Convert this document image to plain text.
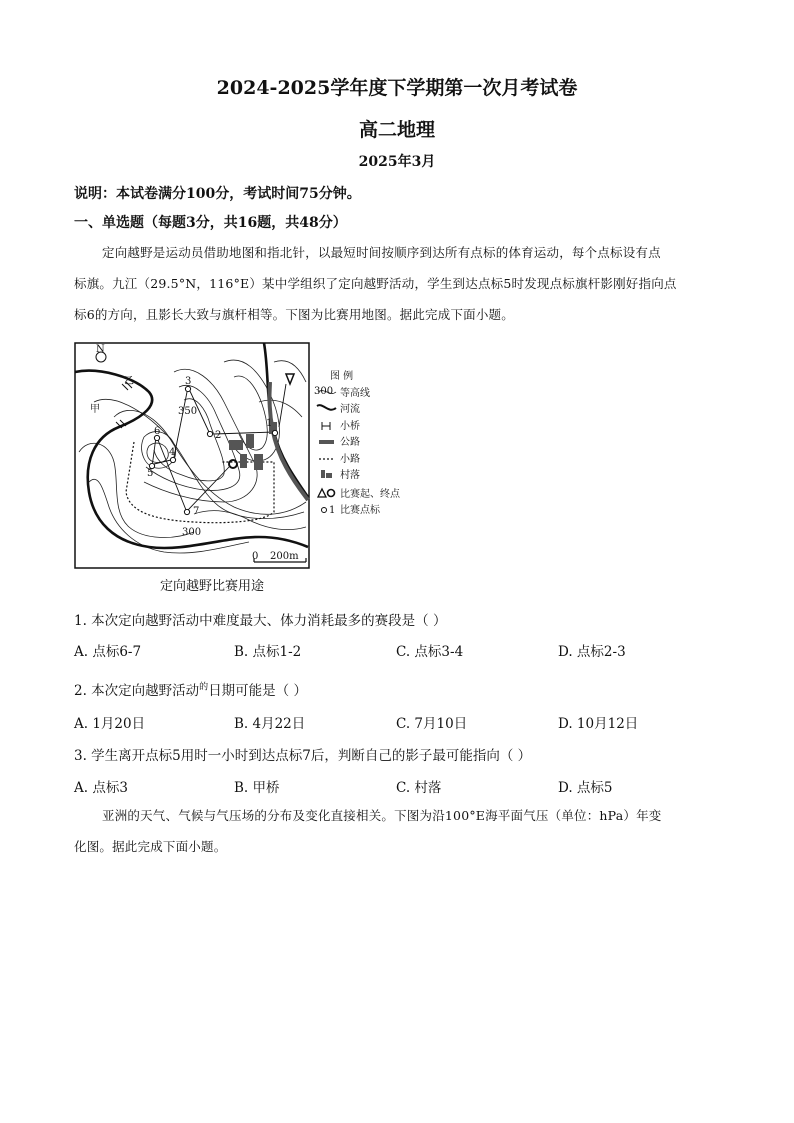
2024-2025学年度下学期第一次月考试卷
高二地理
2025年3月
说明：本试卷满分100分，考试时间75分钟。
一、单选题（每题3分，共16题，共48分）
定向越野是运动员借助地图和指北针，以最短时间按顺序到达所有点标的体育运动，每个点标设有点
标旗。九江（29.5°N，116°E）某中学组织了定向越野活动，学生到达点标5时发现点标旗杆影刚好指向点
标6的方向，且影长大致与旗杆相等。下图为比赛用地图。据此完成下面小题。
N
3
2
1
6
4
5
7
350
300
300
乙
甲
0 200m
图 例
等高线
河流
小桥
公路
小路
村落
比赛起、终点
1 比赛点标
定向越野比赛用途
1. 本次定向越野活动中难度最大、体力消耗最多的赛段是（ ）
A. 点标6-7	B. 点标1-2	C. 点标3-4	D. 点标2-3
2. 本次定向越野活动$^的$日期可能是（ ）
A. 1月20日	B. 4月22日	C. 7月10日	D. 10月12日
3. 学生离开点标5用时一小时到达点标7后，判断自己的影子最可能指向（ ）
A. 点标3	B. 甲桥	C. 村落	D. 点标5
亚洲的天气、气候与气压场的分布及变化直接相关。下图为沿100°E海平面气压（单位：hPa）年变
化图。据此完成下面小题。
